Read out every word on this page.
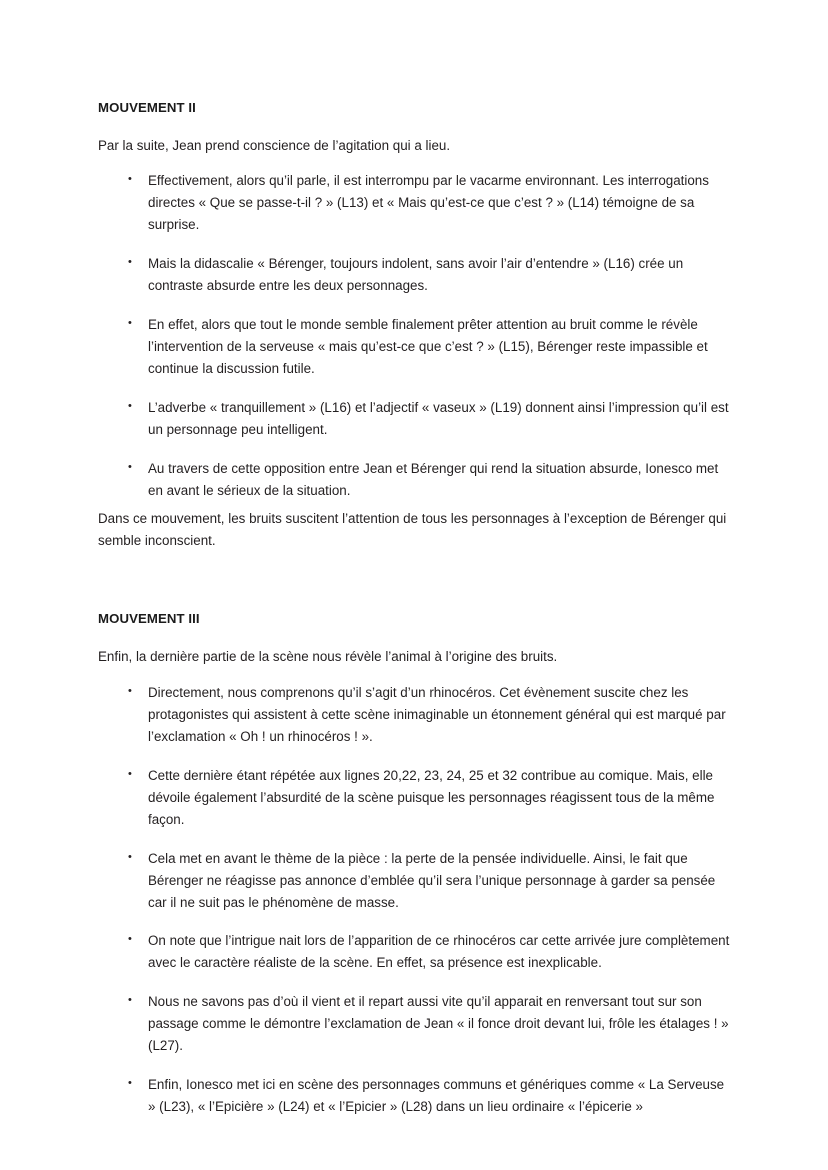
MOUVEMENT II

Par la suite, Jean prend conscience de l’agitation qui a lieu.

•	Effectivement, alors qu’il parle, il est interrompu par le vacarme environnant. Les interrogations directes « Que se passe-t-il ? » (L13) et « Mais qu’est-ce que c’est ? » (L14) témoigne de sa surprise.
•	Mais la didascalie « Bérenger, toujours indolent, sans avoir l’air d’entendre » (L16) crée un contraste absurde entre les deux personnages.
•	En effet, alors que tout le monde semble finalement prêter attention au bruit comme le révèle l’intervention de la serveuse « mais qu’est-ce que c’est ? » (L15), Bérenger reste impassible et continue la discussion futile.
•	L’adverbe « tranquillement » (L16) et l’adjectif « vaseux » (L19) donnent ainsi l’impression qu’il est un personnage peu intelligent.
•	Au travers de cette opposition entre Jean et Bérenger qui rend la situation absurde, Ionesco met en avant le sérieux de la situation.

Dans ce mouvement, les bruits suscitent l’attention de tous les personnages à l’exception de Bérenger qui semble inconscient.

MOUVEMENT III

Enfin, la dernière partie de la scène nous révèle l’animal à l’origine des bruits.

•	Directement, nous comprenons qu’il s’agit d’un rhinocéros. Cet évènement suscite chez les protagonistes qui assistent à cette scène inimaginable un étonnement général qui est marqué par l’exclamation « Oh ! un rhinocéros ! ».
•	Cette dernière étant répétée aux lignes 20,22, 23, 24, 25 et 32 contribue au comique. Mais, elle dévoile également l’absurdité de la scène puisque les personnages réagissent tous de la même façon.
•	Cela met en avant le thème de la pièce : la perte de la pensée individuelle. Ainsi, le fait que Bérenger ne réagisse pas annonce d’emblée qu’il sera l’unique personnage à garder sa pensée car il ne suit pas le phénomène de masse.
•	On note que l’intrigue nait lors de l’apparition de ce rhinocéros car cette arrivée jure complètement avec le caractère réaliste de la scène. En effet, sa présence est inexplicable.
•	Nous ne savons pas d’où il vient et il repart aussi vite qu’il apparait en renversant tout sur son passage comme le démontre l’exclamation de Jean « il fonce droit devant lui, frôle les étalages ! » (L27).
•	Enfin, Ionesco met ici en scène des personnages communs et génériques comme « La Serveuse » (L23), « l’Epicière » (L24) et « l’Epicier » (L28) dans un lieu ordinaire « l’épicerie »
